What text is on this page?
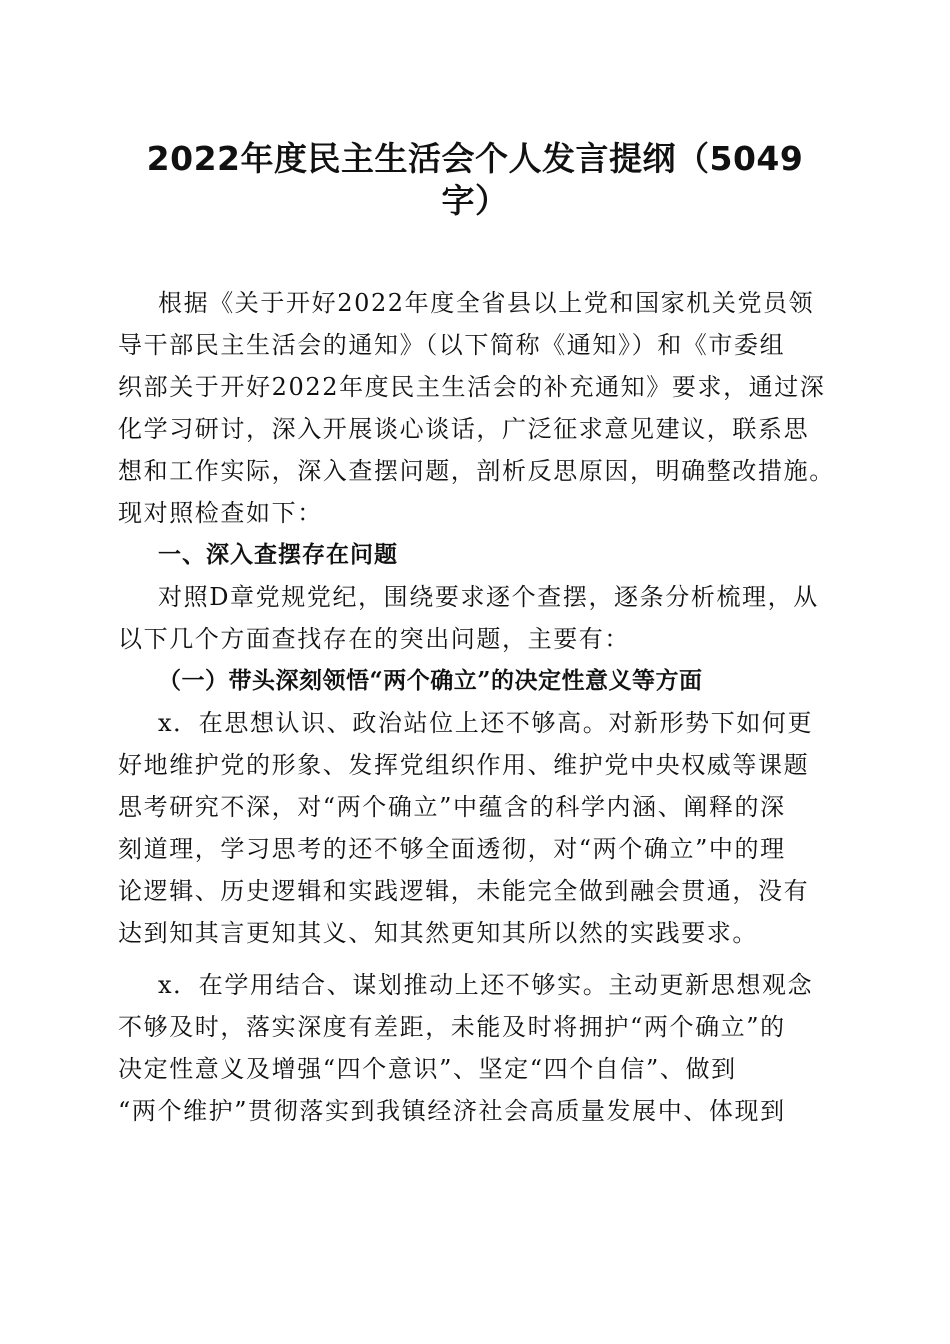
2022年度民主生活会个人发言提纲（5049
字）
根据《关于开好2022年度全省县以上党和国家机关党员领
导干部民主生活会的通知》（以下简称《通知》）和《市委组
织部关于开好2022年度民主生活会的补充通知》要求，通过深
化学习研讨，深入开展谈心谈话，广泛征求意见建议，联系思
想和工作实际，深入查摆问题，剖析反思原因，明确整改措施。
现对照检查如下：
一、深入查摆存在问题
对照D章党规党纪，围绕要求逐个查摆，逐条分析梳理，从
以下几个方面查找存在的突出问题，主要有：
（一）带头深刻领悟“两个确立”的决定性意义等方面
x．在思想认识、政治站位上还不够高。对新形势下如何更
好地维护党的形象、发挥党组织作用、维护党中央权威等课题
思考研究不深，对“两个确立”中蕴含的科学内涵、阐释的深
刻道理，学习思考的还不够全面透彻，对“两个确立”中的理
论逻辑、历史逻辑和实践逻辑，未能完全做到融会贯通，没有
达到知其言更知其义、知其然更知其所以然的实践要求。
x．在学用结合、谋划推动上还不够实。主动更新思想观念
不够及时，落实深度有差距，未能及时将拥护“两个确立”的
决定性意义及增强“四个意识”、坚定“四个自信”、做到
“两个维护”贯彻落实到我镇经济社会高质量发展中、体现到
